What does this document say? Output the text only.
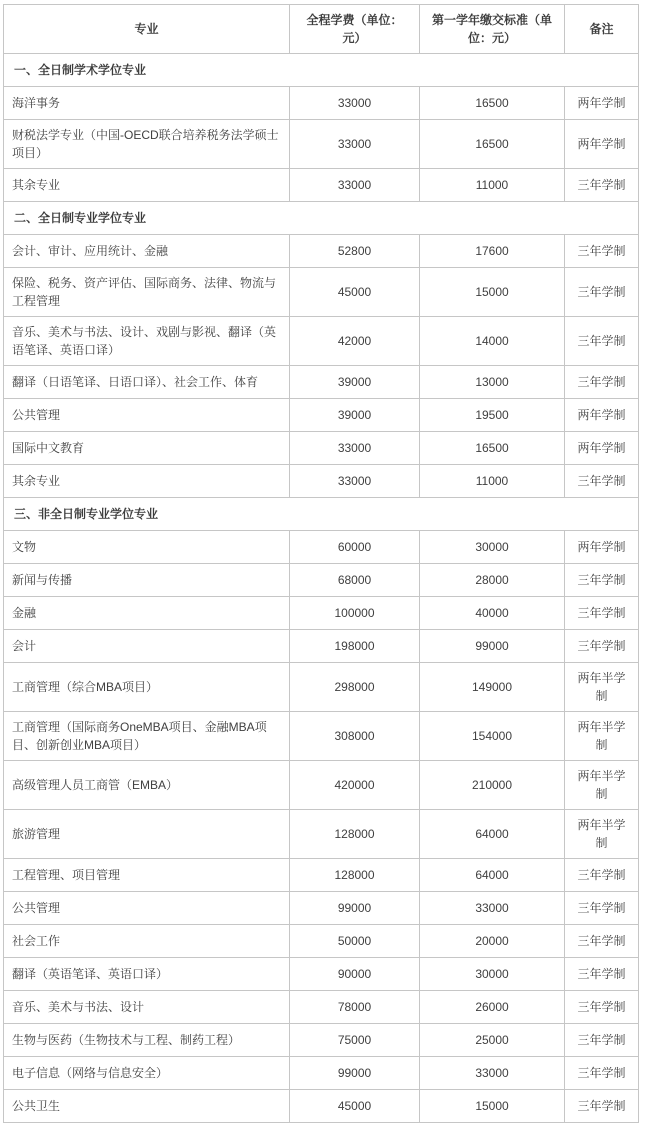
专业	全程学费（单位：元）	第一学年缴交标准（单位：元）	备注
一、全日制学术学位专业			
海洋事务	33000	16500	两年学制
财税法学专业（中国-OECD联合培养税务法学硕士项目）	33000	16500	两年学制
其余专业	33000	11000	三年学制
二、全日制专业学位专业			
会计、审计、应用统计、金融	52800	17600	三年学制
保险、税务、资产评估、国际商务、法律、物流与工程管理	45000	15000	三年学制
音乐、美术与书法、设计、戏剧与影视、翻译（英语笔译、英语口译）	42000	14000	三年学制
翻译（日语笔译、日语口译）、社会工作、体育	39000	13000	三年学制
公共管理	39000	19500	两年学制
国际中文教育	33000	16500	两年学制
其余专业	33000	11000	三年学制
三、非全日制专业学位专业			
文物	60000	30000	两年学制
新闻与传播	68000	28000	三年学制
金融	100000	40000	三年学制
会计	198000	99000	三年学制
工商管理（综合MBA项目）	298000	149000	两年半学制
工商管理（国际商务OneMBA项目、金融MBA项目、创新创业MBA项目）	308000	154000	两年半学制
高级管理人员工商管（EMBA）	420000	210000	两年半学制
旅游管理	128000	64000	两年半学制
工程管理、项目管理	128000	64000	三年学制
公共管理	99000	33000	三年学制
社会工作	50000	20000	三年学制
翻译（英语笔译、英语口译）	90000	30000	三年学制
音乐、美术与书法、设计	78000	26000	三年学制
生物与医药（生物技术与工程、制药工程）	75000	25000	三年学制
电子信息（网络与信息安全）	99000	33000	三年学制
公共卫生	45000	15000	三年学制
